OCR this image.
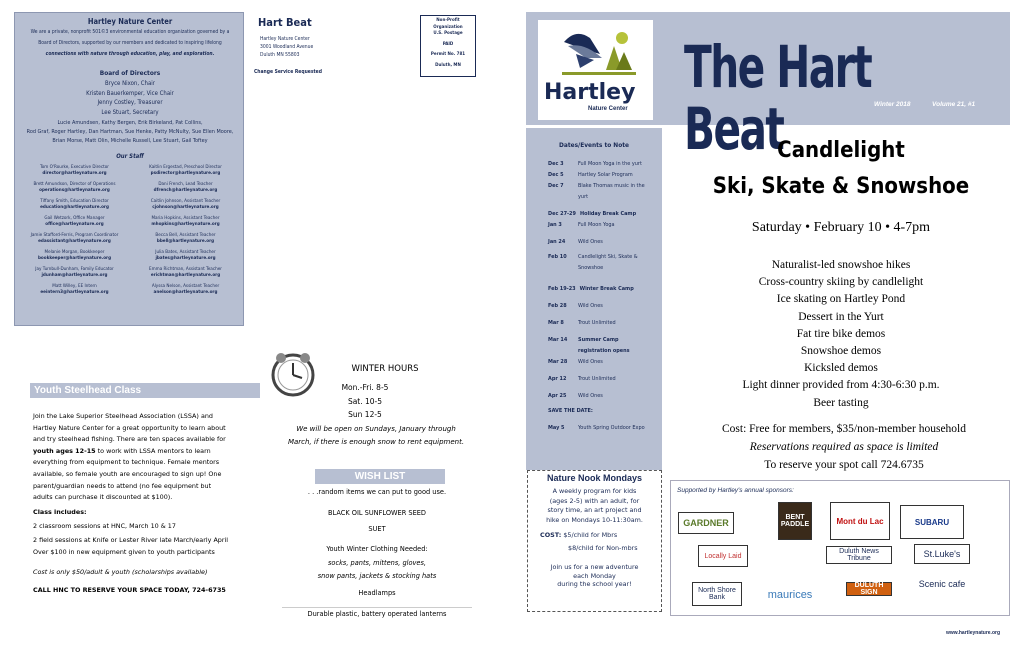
Hartley Nature Center
We are a private, nonprofit 501©3 environmental education organization governed by a
Board of Directors, supported by our members and dedicated to inspiring lifelong
connections with nature through education, play, and exploration.
Board of Directors
Bryce Nixon, Chair
Kristen Bauerkemper, Vice Chair
Jenny Costley, Treasurer
Lee Stuart, Secretary
Lucie Amundsen, Kathy Bergen, Erik Birkeland, Pat Collins,
Rod Graf, Roger Hartley, Dan Hartman, Sue Henke, Patty McNulty, Sue Ellen Moore,
Brian Morse, Matt Olin, Michelle Russell, Lee Stuart, Gail Toftey
Our Staff
Tom O'Rourke, Executive Director
director@hartleynature.org
Kaitlin Ergestad, Preschool Director
psdirector@hartleynature.org
Brett Amundson, Director of Operations
operations@hartleynature.org
Dani French, Lead Teacher
dfrench@hartleynature.org
Tiffany Smith, Education Director
education@hartleynature.org
Caitlin Johnson, Assistant Teacher
cjohnson@hartleynature.org
Gail Wetzork, Office Manager
office@hartleynature.org
Maria Hopkins, Assistant Teacher
mhopkins@hartleynature.org
Jamie Stafford-Ferris, Program Coordinator
edassistant@hartleynature.org
Becca Bell, Assistant Teacher
bbell@hartleynature.org
Melanie Morgan, Bookkeeper
bookkeeper@hartleynature.org
Julia Bates, Assistant Teacher
jbates@hartleynature.org
Jay Turnbull-Dunham, Family Educator
jdunham@hartleynature.org
Emma Richtman, Assistant Teacher
erichtman@hartleynature.org
Matt Willey, EE Intern
eeintern3@hartleynature.org
Alyssa Nelson, Assistant Teacher
anelson@hartleynature.org
Hart Beat
Hartley Nature Center
3001 Woodland Avenue
Duluth MN 55803
Change Service Requested
Non-Profit
Organization
U.S. Postage
PAID
Permit No. 781
Duluth, MN
WINTER HOURS
Mon.-Fri. 8-5
Sat. 10-5
Sun 12-5
We will be open on Sundays, January through
March, if there is enough snow to rent equipment.
Youth Steelhead Class
Join the Lake Superior Steelhead Association (LSSA) and
Hartley Nature Center for a great opportunity to learn about
and try steelhead fishing. There are ten spaces available for
youth ages 12-15 to work with LSSA mentors to learn
everything from equipment to technique. Female mentors
available, so female youth are encouraged to sign up! One
parent/guardian needs to attend (no fee equipment but
adults can purchase it discounted at $100).
Class includes:
2 classroom sessions at HNC, March 10 & 17
2 field sessions at Knife or Lester River late March/early April
Over $100 in new equipment given to youth participants
Cost is only $50/adult & youth (scholarships available)
CALL HNC TO RESERVE YOUR SPACE TODAY, 724-6735
WISH LIST
. . .random items we can put to good use.
BLACK OIL SUNFLOWER SEED
SUET
Youth Winter Clothing Needed:
socks, pants, mittens, gloves,
snow pants, jackets & stocking hats
Headlamps
Durable plastic, battery operated lanterns
Hartley
Nature Center
The Hart Beat	Winter 2018	Volume 21, #1
Dates/Events to Note
Dec 3	Full Moon Yoga in the yurt
Dec 5	Hartley Solar Program
Dec 7	Blake Thomas music in the yurt
Dec 27-29 Holiday Break Camp
Jan 3	Full Moon Yoga
Jan 24	Wild Ones
Feb 10	Candlelight Ski, Skate & Snowshoe
Feb 19-23 Winter Break Camp
Feb 28	Wild Ones
Mar 8	Trout Unlimited
Mar 14	Summer Camp registration opens
Mar 28	Wild Ones
Apr 12	Trout Unlimited
Apr 25	Wild Ones
SAVE THE DATE:
May 5	Youth Spring Outdoor Expo
Nature Nook Mondays
A weekly program for kids
(ages 2-5) with an adult, for
story time, an art project and
hike on Mondays 10-11:30am.
COST: $5/child for Mbrs
$8/child for Non-mbrs
Join us for a new adventure
each Monday
during the school year!
Candlelight
Ski, Skate & Snowshoe
Saturday • February 10 • 4-7pm
Naturalist-led snowshoe hikes
Cross-country skiing by candlelight
Ice skating on Hartley Pond
Dessert in the Yurt
Fat tire bike demos
Snowshoe demos
Kicksled demos
Light dinner provided from 4:30-6:30 p.m.
Beer tasting
Cost: Free for members, $35/non-member household
Reservations required as space is limited
To reserve your spot call 724.6735
Supported by Hartley's annual sponsors:
GARDNER
BENT PADDLE	Mont du Lac	SUBARU
Locally Laid
Duluth News Tribune	St.Luke's
North Shore Bank	maurices
DULUTH SIGN
Scenic cafe
www.hartleynature.org
